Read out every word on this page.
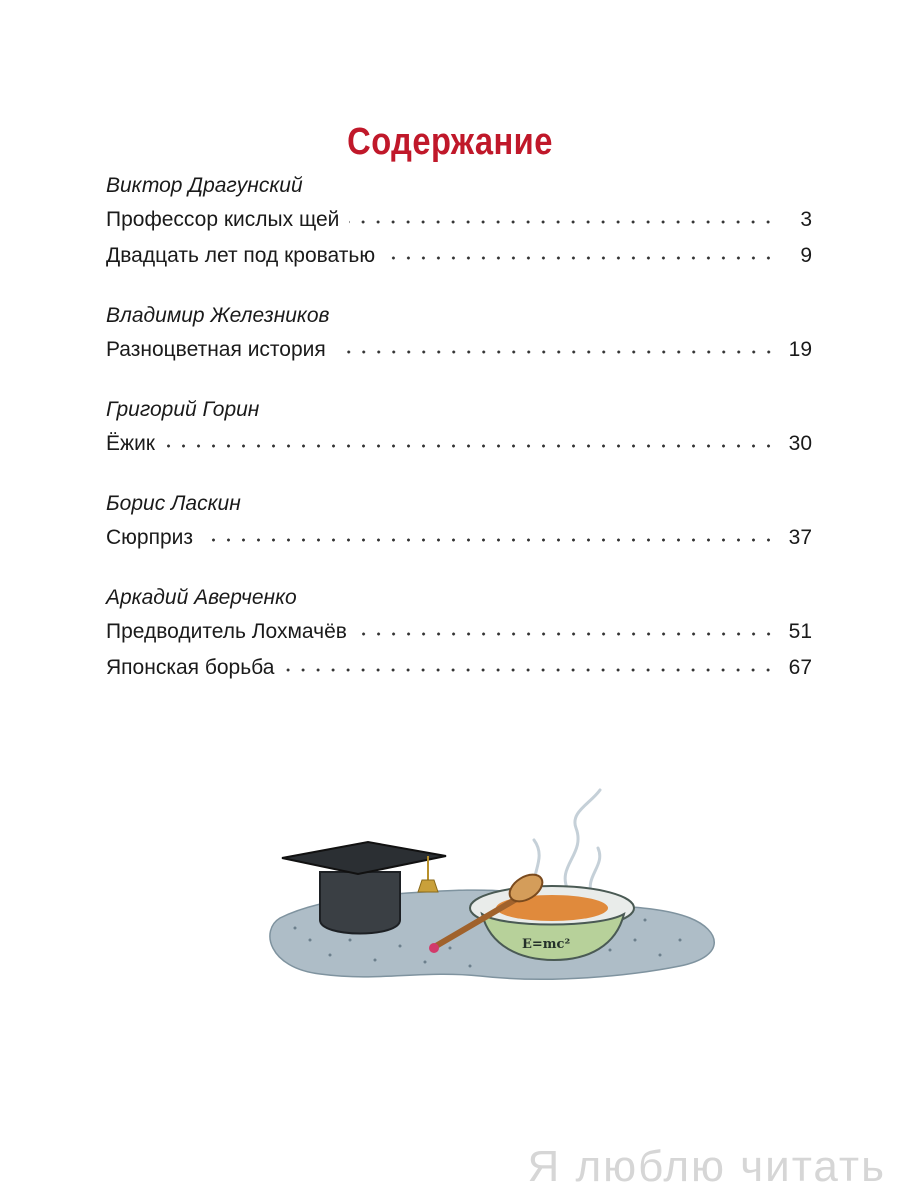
Содержание
Виктор Драгунский
Профессор кислых щей	3
Двадцать лет под кроватью	9
Владимир Железников
Разноцветная история	19
Григорий Горин
Ёжик	30
Борис Ласкин
Сюрприз	37
Аркадий Аверченко
Предводитель Лохмачёв	51
Японская борьба	67
E=mc²
Я люблю читать
